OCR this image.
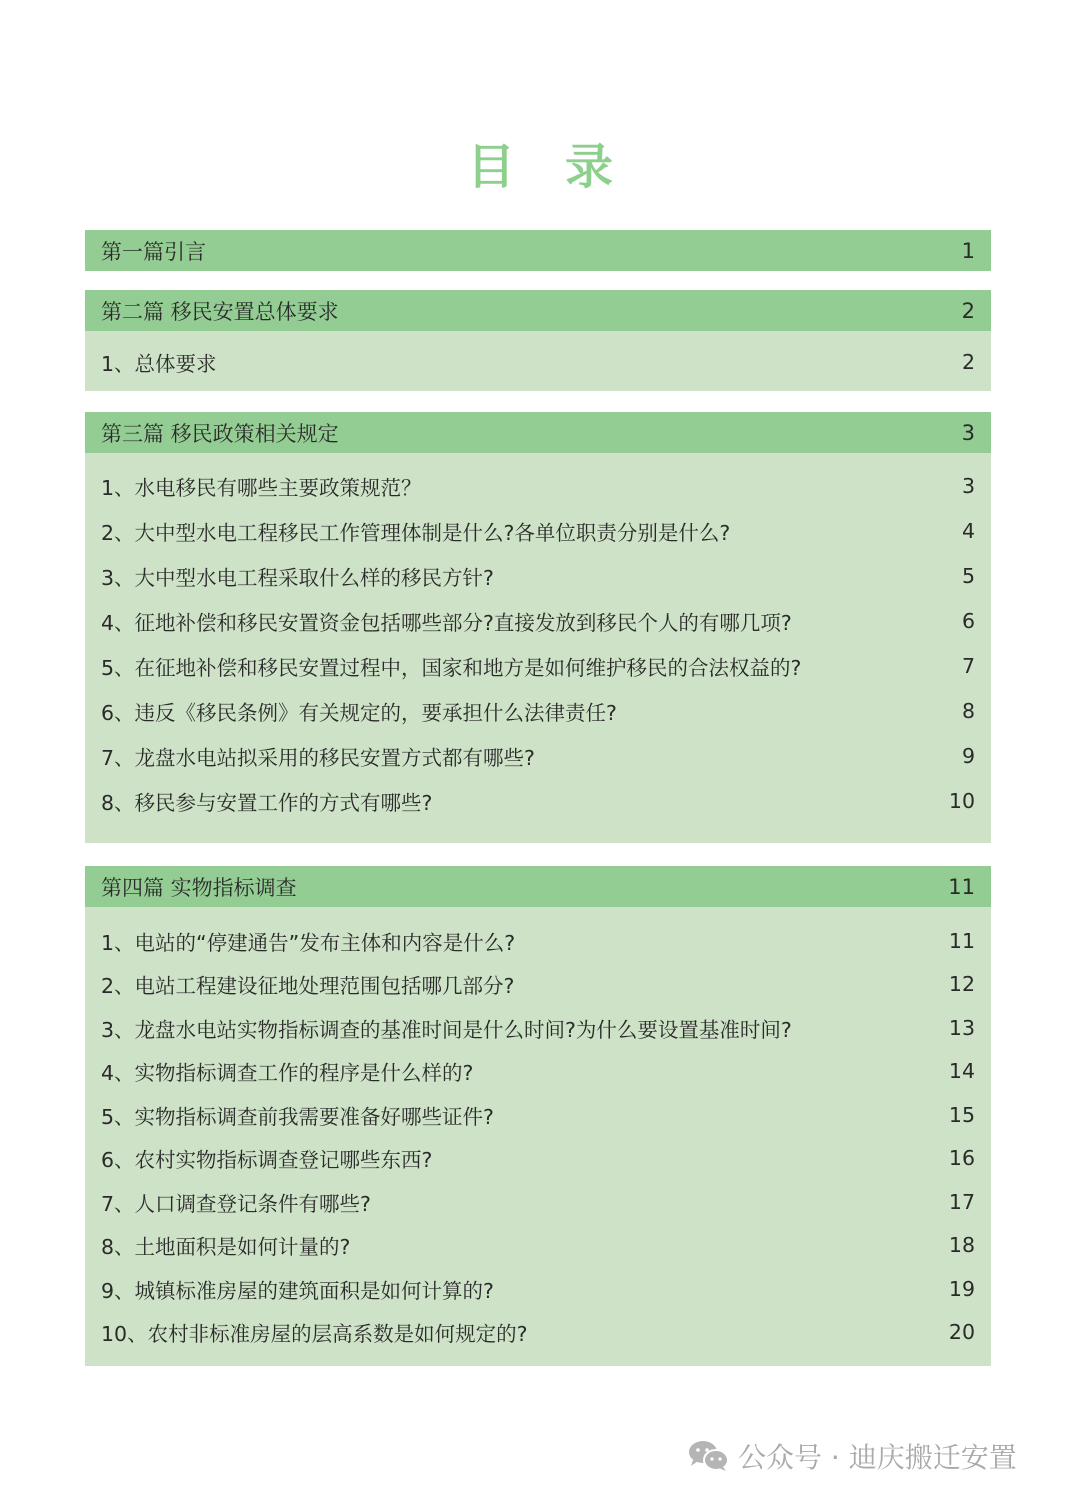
目录
第一篇引言	1
第二篇 移民安置总体要求	2
1、总体要求	2
第三篇 移民政策相关规定	3
1、水电移民有哪些主要政策规范？	3
2、大中型水电工程移民工作管理体制是什么?各单位职责分别是什么?	4
3、大中型水电工程采取什么样的移民方针?	5
4、征地补偿和移民安置资金包括哪些部分?直接发放到移民个人的有哪几项?	6
5、在征地补偿和移民安置过程中，国家和地方是如何维护移民的合法权益的?	7
6、违反《移民条例》有关规定的，要承担什么法律责任?	8
7、龙盘水电站拟采用的移民安置方式都有哪些?	9
8、移民参与安置工作的方式有哪些?	10
第四篇 实物指标调查	11
1、电站的“停建通告”发布主体和内容是什么?	11
2、电站工程建设征地处理范围包括哪几部分?	12
3、龙盘水电站实物指标调查的基准时间是什么时间?为什么要设置基准时间?	13
4、实物指标调查工作的程序是什么样的?	14
5、实物指标调查前我需要准备好哪些证件?	15
6、农村实物指标调查登记哪些东西?	16
7、人口调查登记条件有哪些?	17
8、土地面积是如何计量的?	18
9、城镇标准房屋的建筑面积是如何计算的?	19
10、农村非标准房屋的层高系数是如何规定的?	20
公众号 · 迪庆搬迁安置
